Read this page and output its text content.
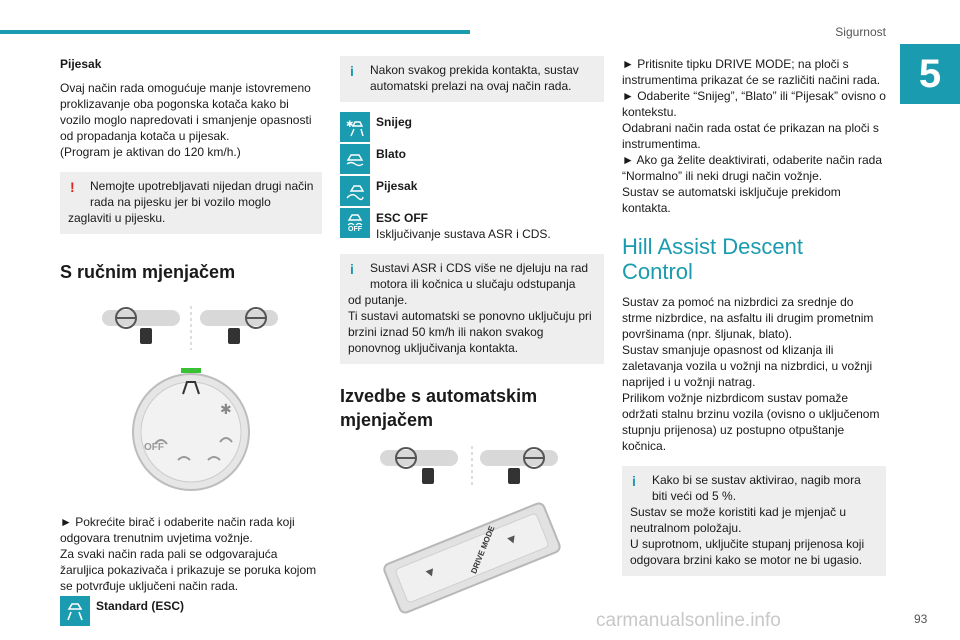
Sigurnost
5
Pijesak

Ovaj način rada omogućuje manje istovremeno proklizavanje oba pogonska kotača kako bi vozilo moglo napredovati i smanjenje opasnosti od propadanja kotača u pijesak.

(Program je aktivan do 120 km/h.)

! Nemojte upotrebljavati nijedan drugi način rada na pijesku jer bi vozilo moglo

zaglaviti u pijesku.

S ručnim mjenjačem
✱
OFF

► Pokrećite birač i odaberite način rada koji odgovara trenutnim uvjetima vožnje.

Za svaki način rada pali se odgovarajuća žaruljica pokazivača i prikazuje se poruka kojom se potvrđuje uključeni način rada.

Standard (ESC)
i Nakon svakog prekida kontakta, sustav automatski prelazi na ovaj način rada.

✱ Snijeg
Blato
Pijesak
OFF
ESC OFF
Isključivanje sustava ASR i CDS.
i Sustavi ASR i CDS više ne djeluju na rad motora ili kočnica u slučaju odstupanja

od putanje.

Ti sustavi automatski se ponovno uključuju pri brzini iznad 50 km/h ili nakon svakog ponovnog uključivanja kontakta.

Izvedbe s automatskim mjenjačem
DRIVE MODE

► Pritisnite tipku DRIVE MODE; na ploči s instrumentima prikazat će se različiti načini rada.

► Odaberite “Snijeg”, “Blato” ili “Pijesak” ovisno o kontekstu.

Odabrani način rada ostat će prikazan na ploči s instrumentima.

► Ako ga želite deaktivirati, odaberite način rada “Normalno” ili neki drugi način vožnje.

Sustav se automatski isključuje prekidom kontakta.

Hill Assist Descent
Control

Sustav za pomoć na nizbrdici za srednje do strme nizbrdice, na asfaltu ili drugim prometnim površinama (npr. šljunak, blato).

Sustav smanjuje opasnost od klizanja ili zaletavanja vozila u vožnji na nizbrdici, u vožnji naprijed i u vožnji natrag.

Prilikom vožnje nizbrdicom sustav pomaže održati stalnu brzinu vozila (ovisno o uključenom stupnju prijenosa) uz postupno otpuštanje kočnica.

i Kako bi se sustav aktivirao, nagib mora biti veći od 5 %.

Sustav se može koristiti kad je mjenjač u neutralnom položaju.

U suprotnom, uključite stupanj prijenosa koji odgovara brzini kako se motor ne bi ugasio.

carmanualsonline.info	93
